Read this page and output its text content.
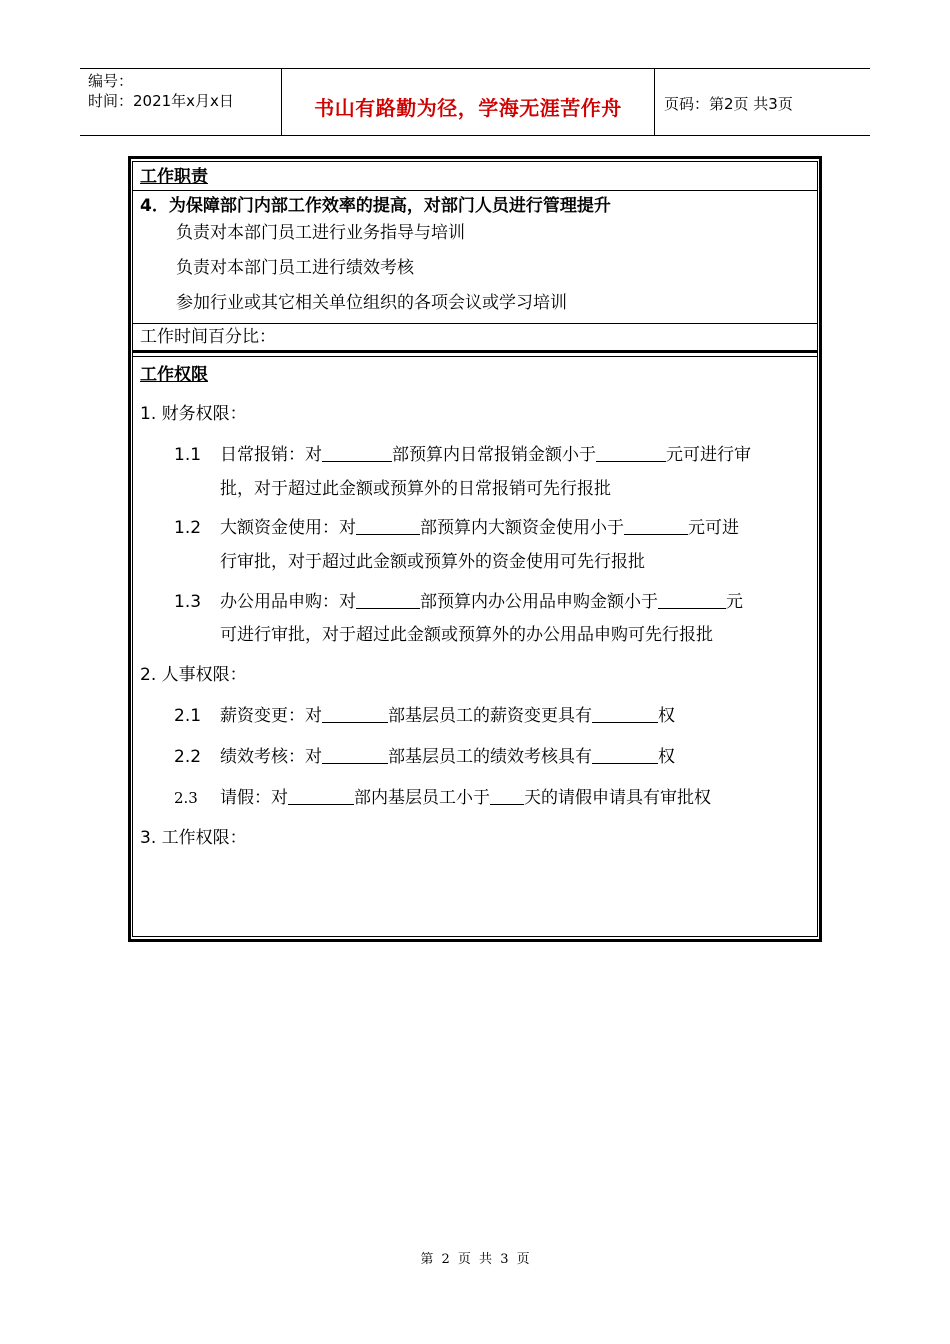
编号：
时间：2021年x月x日	书山有路勤为径，学海无涯苦作舟	页码：第2页 共3页
工作职责
4．为保障部门内部工作效率的提高，对部门人员进行管理提升
负责对本部门员工进行业务指导与培训
负责对本部门员工进行绩效考核
参加行业或其它相关单位组织的各项会议或学习培训
工作时间百分比：
工作权限
1. 财务权限：
1.1 日常报销：对	部预算内日常报销金额小于	元可进行审
批，对于超过此金额或预算外的日常报销可先行报批
1.2 大额资金使用：对	部预算内大额资金使用小于	元可进
行审批，对于超过此金额或预算外的资金使用可先行报批
1.3 办公用品申购：对	部预算内办公用品申购金额小于	元
可进行审批，对于超过此金额或预算外的办公用品申购可先行报批
2. 人事权限：
2.1 薪资变更：对	部基层员工的薪资变更具有	权
2.2 绩效考核：对	部基层员工的绩效考核具有	权
2.3 请假：对	部内基层员工小于 天的请假申请具有审批权
3. 工作权限：
第 2 页 共 3 页
